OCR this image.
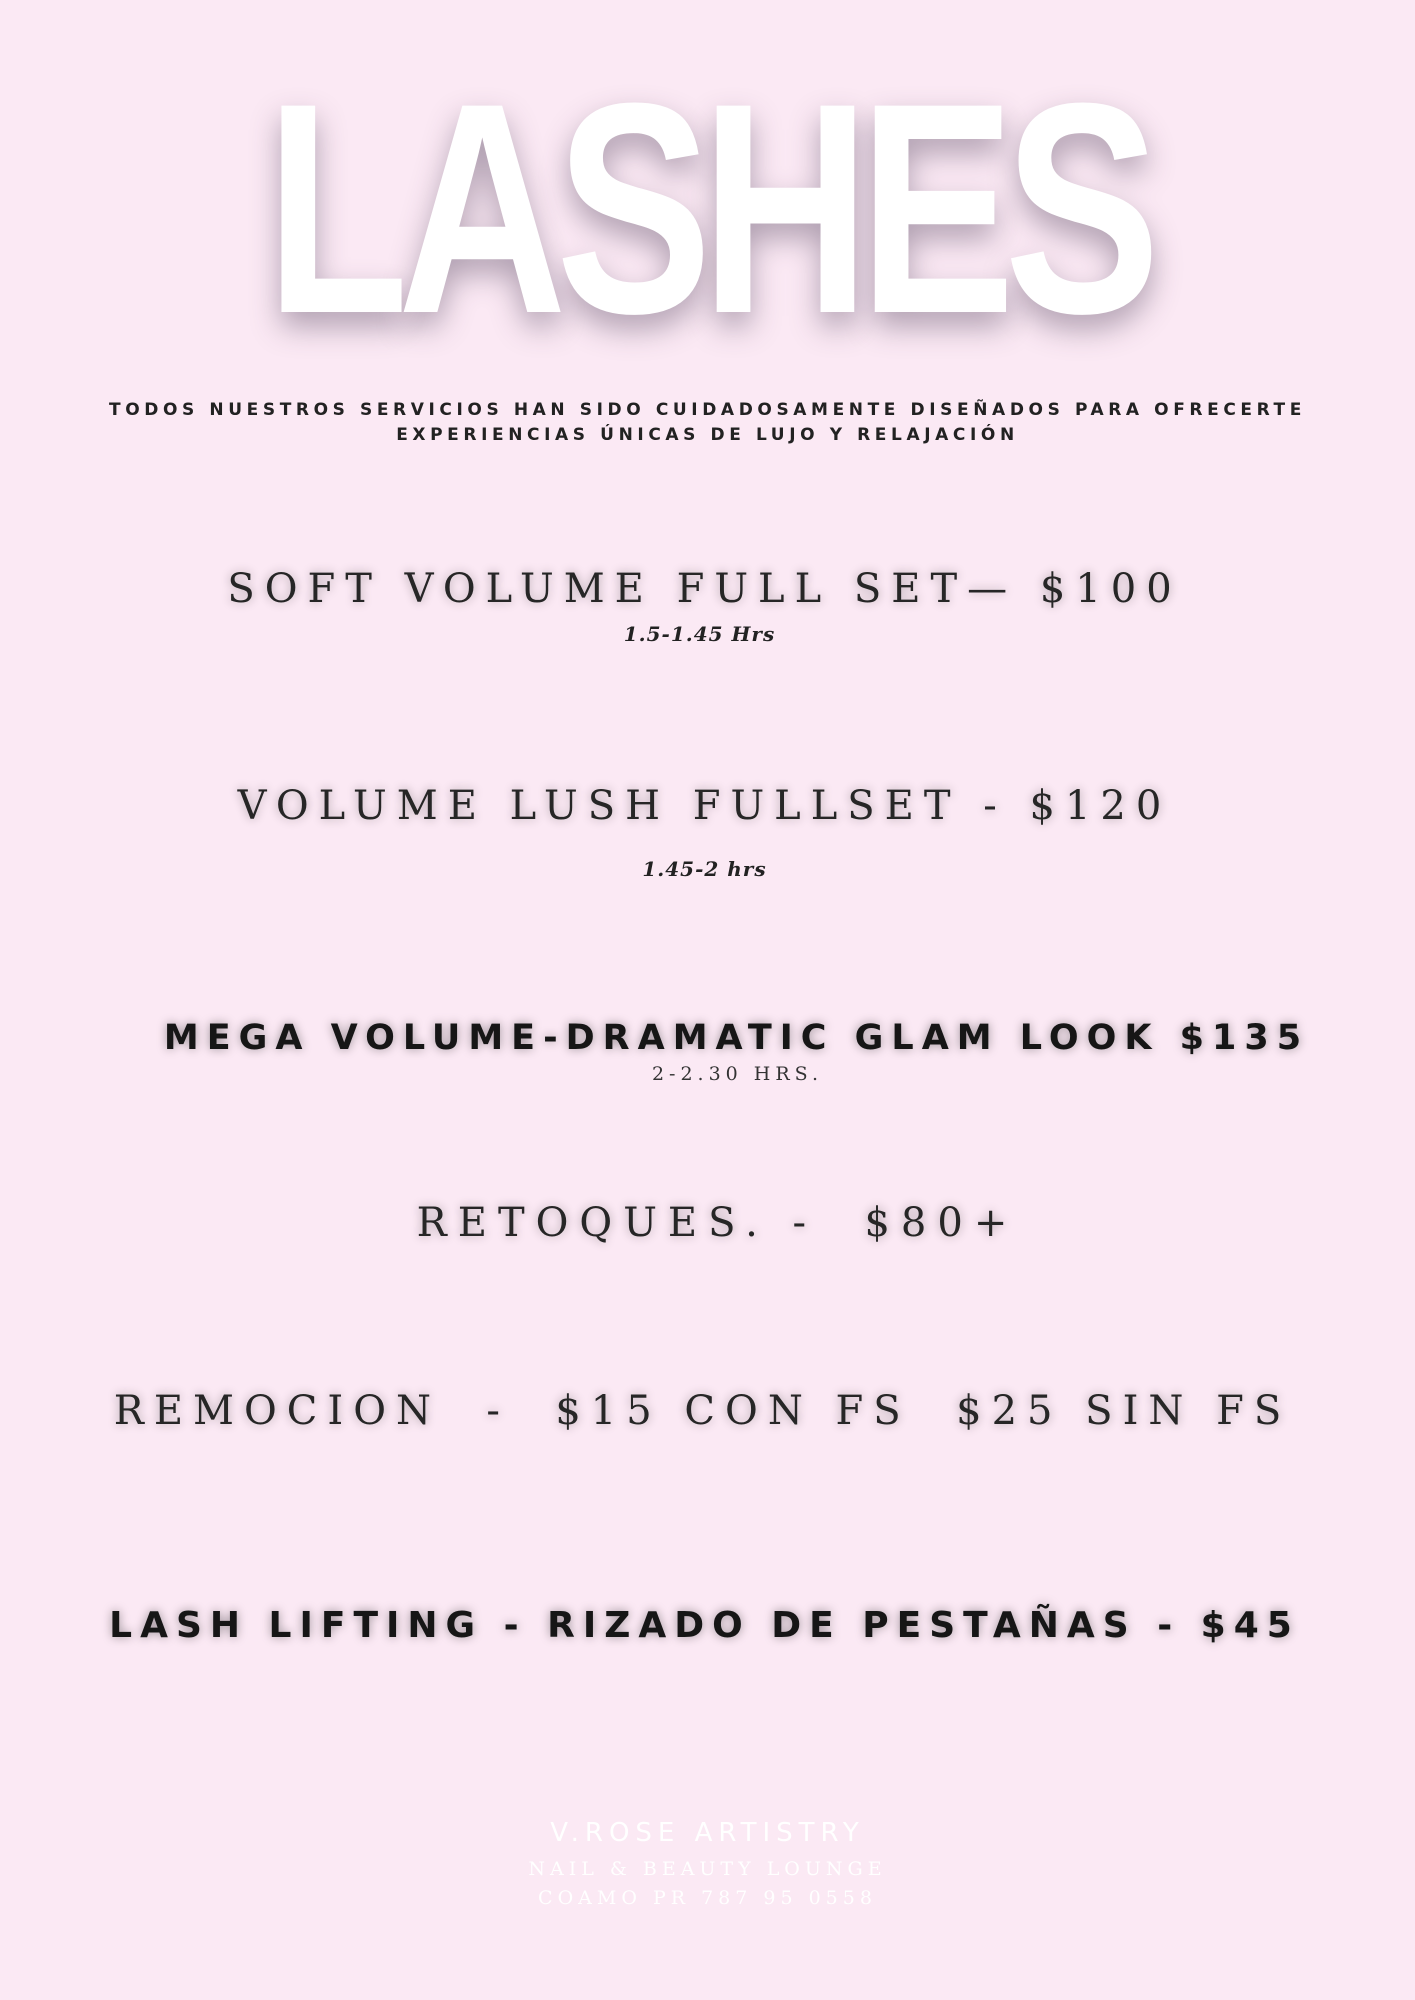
LASHES
TODOS NUESTROS SERVICIOS HAN SIDO CUIDADOSAMENTE DISEÑADOS PARA OFRECERTE
EXPERIENCIAS ÚNICAS DE LUJO Y RELAJACIÓN
SOFT VOLUME FULL SET— $100
1.5-1.45 Hrs
VOLUME LUSH FULLSET - $120
1.45-2 hrs
MEGA VOLUME-DRAMATIC GLAM LOOK $135
2-2.30 HRS.
RETOQUES. -  $80+
REMOCION  -  $15 CON FS  $25 SIN FS
LASH LIFTING - RIZADO DE PESTAÑAS - $45
V.ROSE ARTISTRY
NAIL & BEAUTY LOUNGE
COAMO PR 787 95 0558
